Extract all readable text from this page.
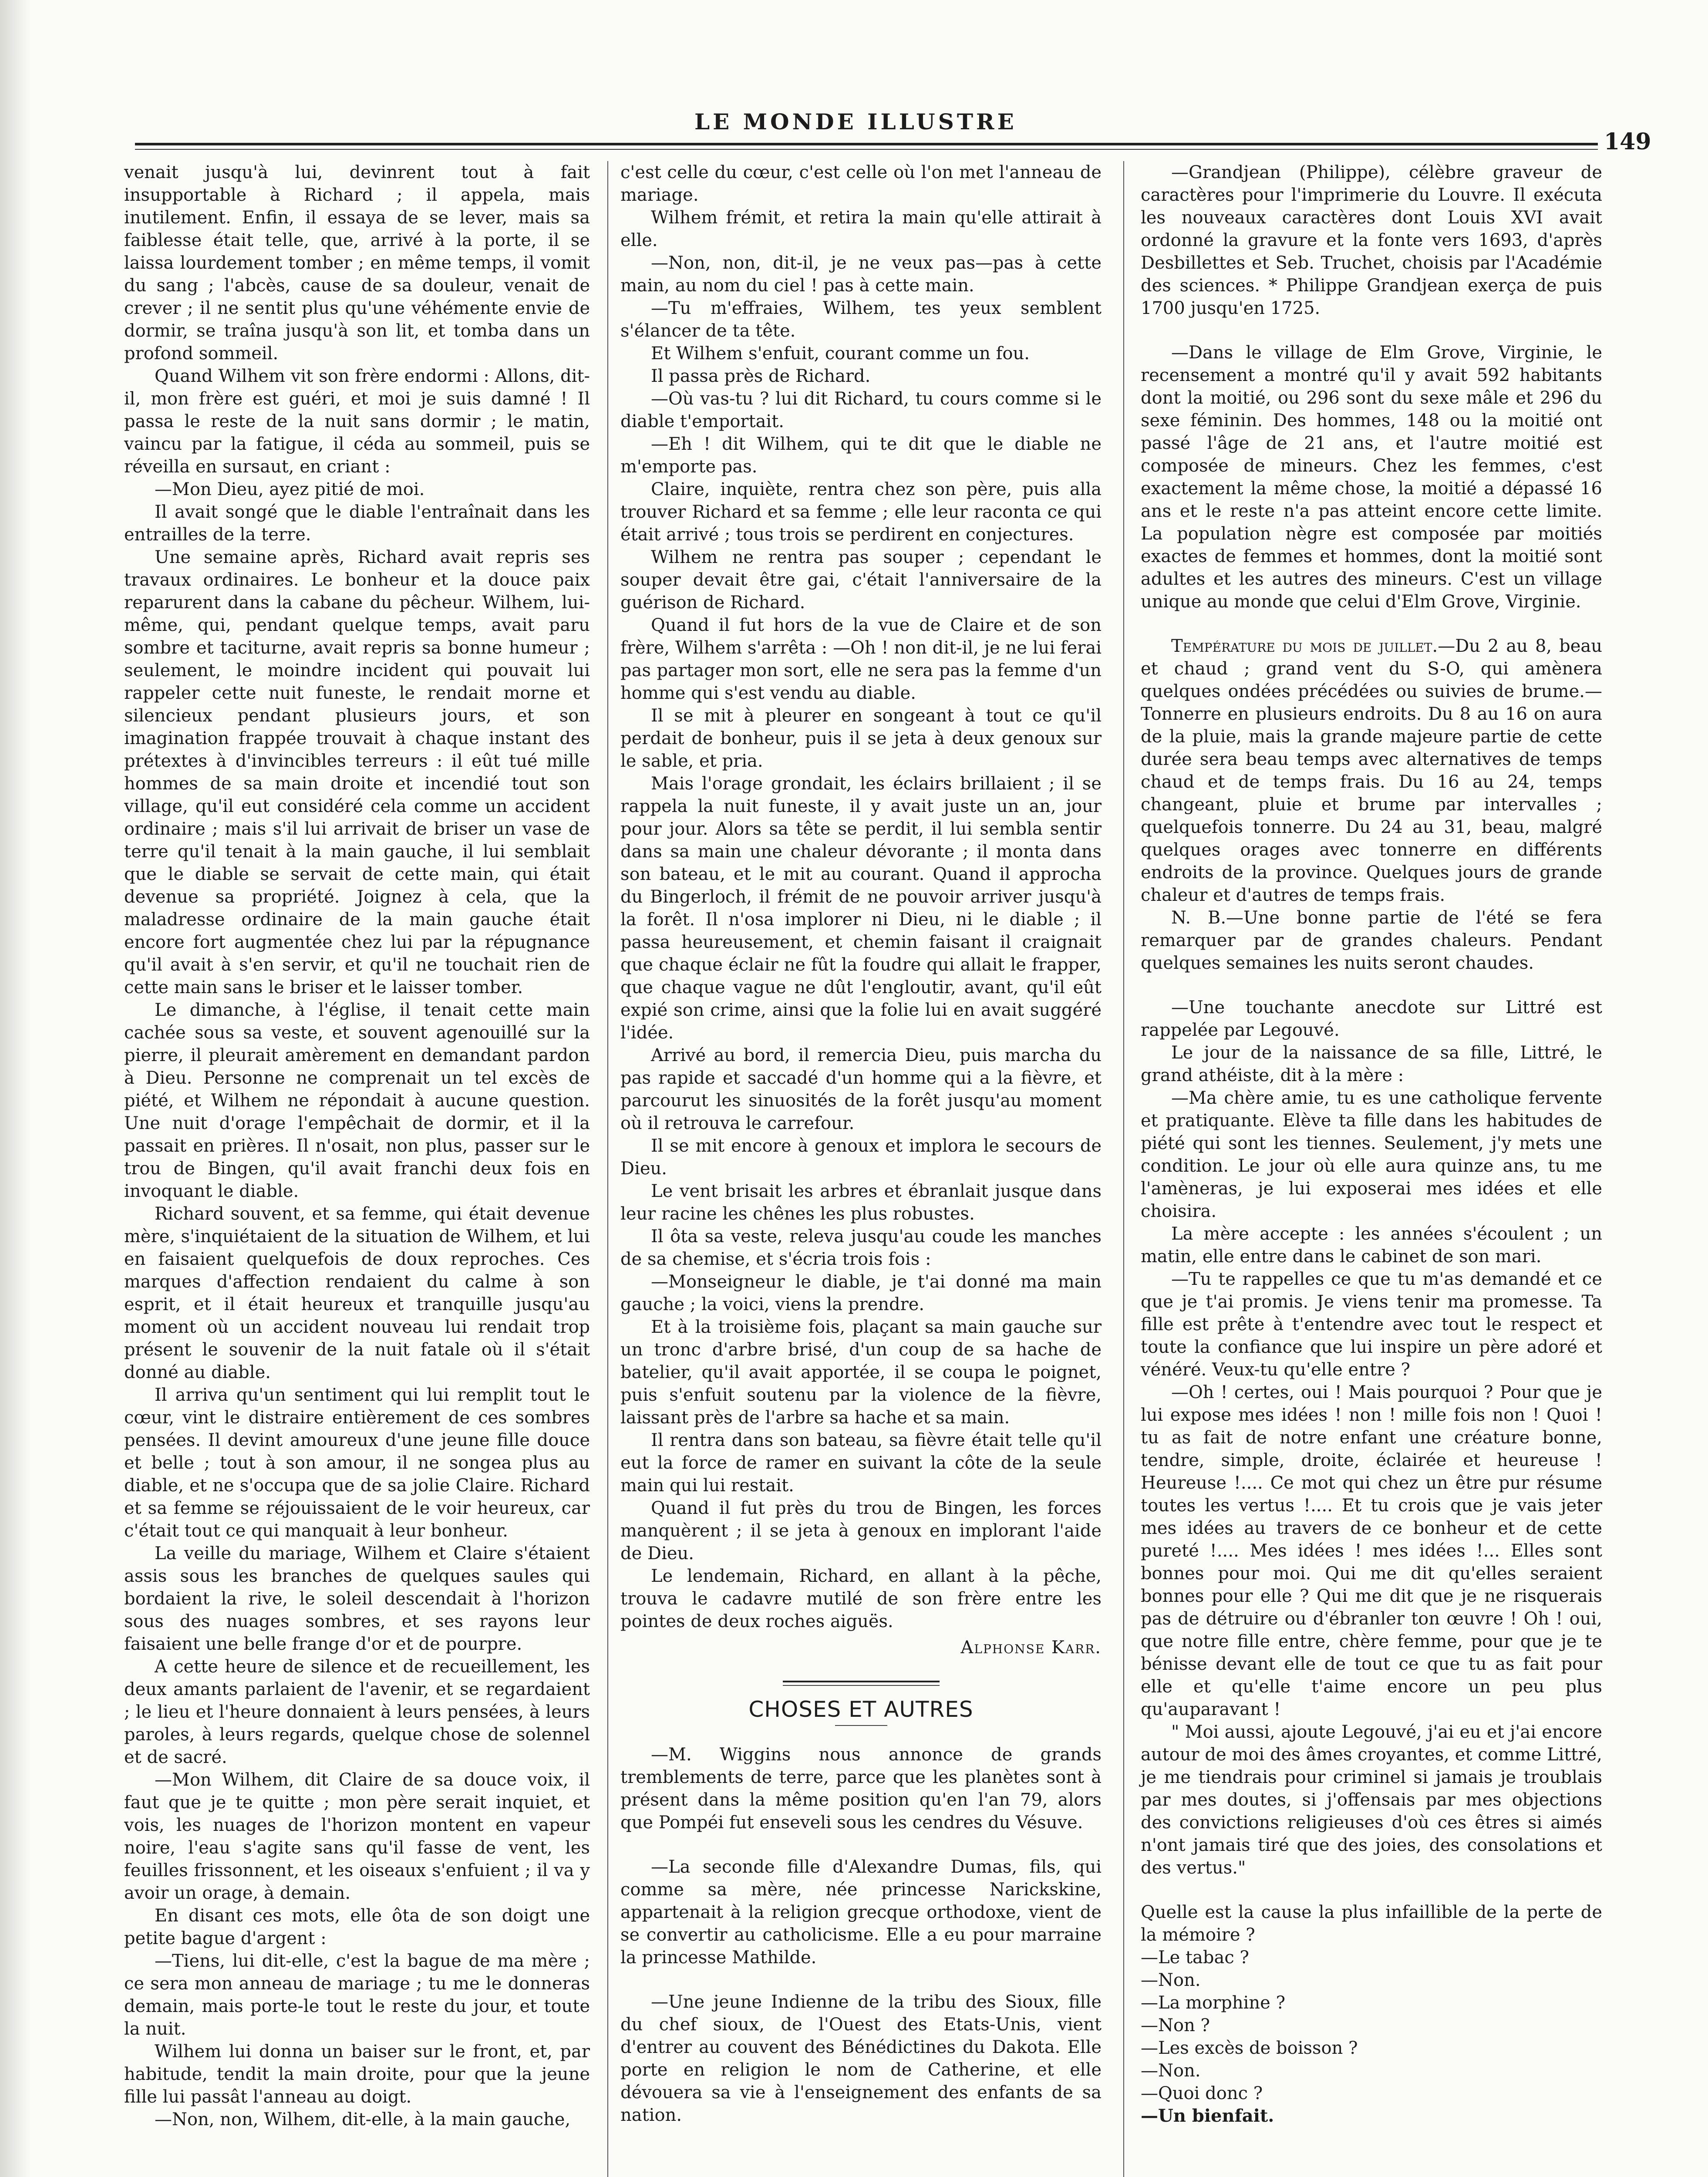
LE MONDE ILLUSTRE
149

venait jusqu'à lui, devinrent tout à fait insupportable à Richard ; il appela, mais inutilement. Enfin, il essaya de se lever, mais sa faiblesse était telle, que, arrivé à la porte, il se laissa lourdement tomber ; en même temps, il vomit du sang ; l'abcès, cause de sa douleur, venait de crever ; il ne sentit plus qu'une véhémente envie de dormir, se traîna jusqu'à son lit, et tomba dans un profond sommeil.

Quand Wilhem vit son frère endormi : Allons, dit-il, mon frère est guéri, et moi je suis damné ! Il passa le reste de la nuit sans dormir ; le matin, vaincu par la fatigue, il céda au sommeil, puis se réveilla en sursaut, en criant :

—Mon Dieu, ayez pitié de moi.

Il avait songé que le diable l'entraînait dans les entrailles de la terre.

Une semaine après, Richard avait repris ses travaux ordinaires. Le bonheur et la douce paix reparurent dans la cabane du pêcheur. Wilhem, lui-même, qui, pendant quelque temps, avait paru sombre et taciturne, avait repris sa bonne humeur ; seulement, le moindre incident qui pouvait lui rappeler cette nuit funeste, le rendait morne et silencieux pendant plusieurs jours, et son imagination frappée trouvait à chaque instant des prétextes à d'invincibles terreurs : il eût tué mille hommes de sa main droite et incendié tout son village, qu'il eut considéré cela comme un accident ordinaire ; mais s'il lui arrivait de briser un vase de terre qu'il tenait à la main gauche, il lui semblait que le diable se servait de cette main, qui était devenue sa propriété. Joignez à cela, que la maladresse ordinaire de la main gauche était encore fort augmentée chez lui par la répugnance qu'il avait à s'en servir, et qu'il ne touchait rien de cette main sans le briser et le laisser tomber.

Le dimanche, à l'église, il tenait cette main cachée sous sa veste, et souvent agenouillé sur la pierre, il pleurait amèrement en demandant pardon à Dieu. Personne ne comprenait un tel excès de piété, et Wilhem ne répondait à aucune question. Une nuit d'orage l'empêchait de dormir, et il la passait en prières. Il n'osait, non plus, passer sur le trou de Bingen, qu'il avait franchi deux fois en invoquant le diable.

Richard souvent, et sa femme, qui était devenue mère, s'inquiétaient de la situation de Wilhem, et lui en faisaient quelquefois de doux reproches. Ces marques d'affection rendaient du calme à son esprit, et il était heureux et tranquille jusqu'au moment où un accident nouveau lui rendait trop présent le souvenir de la nuit fatale où il s'était donné au diable.

Il arriva qu'un sentiment qui lui remplit tout le cœur, vint le distraire entièrement de ces sombres pensées. Il devint amoureux d'une jeune fille douce et belle ; tout à son amour, il ne songea plus au diable, et ne s'occupa que de sa jolie Claire. Richard et sa femme se réjouissaient de le voir heureux, car c'était tout ce qui manquait à leur bonheur.

La veille du mariage, Wilhem et Claire s'étaient assis sous les branches de quelques saules qui bordaient la rive, le soleil descendait à l'horizon sous des nuages sombres, et ses rayons leur faisaient une belle frange d'or et de pourpre.

A cette heure de silence et de recueillement, les deux amants parlaient de l'avenir, et se regardaient ; le lieu et l'heure donnaient à leurs pensées, à leurs paroles, à leurs regards, quelque chose de solennel et de sacré.

—Mon Wilhem, dit Claire de sa douce voix, il faut que je te quitte ; mon père serait inquiet, et vois, les nuages de l'horizon montent en vapeur noire, l'eau s'agite sans qu'il fasse de vent, les feuilles frissonnent, et les oiseaux s'enfuient ; il va y avoir un orage, à demain.

En disant ces mots, elle ôta de son doigt une petite bague d'argent :

—Tiens, lui dit-elle, c'est la bague de ma mère ; ce sera mon anneau de mariage ; tu me le donneras demain, mais porte-le tout le reste du jour, et toute la nuit.

Wilhem lui donna un baiser sur le front, et, par habitude, tendit la main droite, pour que la jeune fille lui passât l'anneau au doigt.

—Non, non, Wilhem, dit-elle, à la main gauche,

c'est celle du cœur, c'est celle où l'on met l'anneau de mariage.

Wilhem frémit, et retira la main qu'elle attirait à elle.

—Non, non, dit-il, je ne veux pas—pas à cette main, au nom du ciel ! pas à cette main.

—Tu m'effraies, Wilhem, tes yeux semblent s'élancer de ta tête.

Et Wilhem s'enfuit, courant comme un fou.

Il passa près de Richard.

—Où vas-tu ? lui dit Richard, tu cours comme si le diable t'emportait.

—Eh ! dit Wilhem, qui te dit que le diable ne m'emporte pas.

Claire, inquiète, rentra chez son père, puis alla trouver Richard et sa femme ; elle leur raconta ce qui était arrivé ; tous trois se perdirent en conjectures.

Wilhem ne rentra pas souper ; cependant le souper devait être gai, c'était l'anniversaire de la guérison de Richard.

Quand il fut hors de la vue de Claire et de son frère, Wilhem s'arrêta : —Oh ! non dit-il, je ne lui ferai pas partager mon sort, elle ne sera pas la femme d'un homme qui s'est vendu au diable.

Il se mit à pleurer en songeant à tout ce qu'il perdait de bonheur, puis il se jeta à deux genoux sur le sable, et pria.

Mais l'orage grondait, les éclairs brillaient ; il se rappela la nuit funeste, il y avait juste un an, jour pour jour. Alors sa tête se perdit, il lui sembla sentir dans sa main une chaleur dévorante ; il monta dans son bateau, et le mit au courant. Quand il approcha du Bingerloch, il frémit de ne pouvoir arriver jusqu'à la forêt. Il n'osa implorer ni Dieu, ni le diable ; il passa heureusement, et chemin faisant il craignait que chaque éclair ne fût la foudre qui allait le frapper, que chaque vague ne dût l'engloutir, avant, qu'il eût expié son crime, ainsi que la folie lui en avait suggéré l'idée.

Arrivé au bord, il remercia Dieu, puis marcha du pas rapide et saccadé d'un homme qui a la fièvre, et parcourut les sinuosités de la forêt jusqu'au moment où il retrouva le carrefour.

Il se mit encore à genoux et implora le secours de Dieu.

Le vent brisait les arbres et ébranlait jusque dans leur racine les chênes les plus robustes.

Il ôta sa veste, releva jusqu'au coude les manches de sa chemise, et s'écria trois fois :

—Monseigneur le diable, je t'ai donné ma main gauche ; la voici, viens la prendre.

Et à la troisième fois, plaçant sa main gauche sur un tronc d'arbre brisé, d'un coup de sa hache de batelier, qu'il avait apportée, il se coupa le poignet, puis s'enfuit soutenu par la violence de la fièvre, laissant près de l'arbre sa hache et sa main.

Il rentra dans son bateau, sa fièvre était telle qu'il eut la force de ramer en suivant la côte de la seule main qui lui restait.

Quand il fut près du trou de Bingen, les forces manquèrent ; il se jeta à genoux en implorant l'aide de Dieu.

Le lendemain, Richard, en allant à la pêche, trouva le cadavre mutilé de son frère entre les pointes de deux roches aiguës.

Alphonse Karr.

CHOSES ET AUTRES

—M. Wiggins nous annonce de grands tremblements de terre, parce que les planètes sont à présent dans la même position qu'en l'an 79, alors que Pompéi fut enseveli sous les cendres du Vésuve.

—La seconde fille d'Alexandre Dumas, fils, qui comme sa mère, née princesse Narickskine, appartenait à la religion grecque orthodoxe, vient de se convertir au catholicisme. Elle a eu pour marraine la princesse Mathilde.

—Une jeune Indienne de la tribu des Sioux, fille du chef sioux, de l'Ouest des Etats-Unis, vient d'entrer au couvent des Bénédictines du Dakota. Elle porte en religion le nom de Catherine, et elle dévouera sa vie à l'enseignement des enfants de sa nation.

—Grandjean (Philippe), célèbre graveur de caractères pour l'imprimerie du Louvre. Il exécuta les nouveaux caractères dont Louis XVI avait ordonné la gravure et la fonte vers 1693, d'après Desbillettes et Seb. Truchet, choisis par l'Académie des sciences. * Philippe Grandjean exerça de puis 1700 jusqu'en 1725.

—Dans le village de Elm Grove, Virginie, le recensement a montré qu'il y avait 592 habitants dont la moitié, ou 296 sont du sexe mâle et 296 du sexe féminin. Des hommes, 148 ou la moitié ont passé l'âge de 21 ans, et l'autre moitié est composée de mineurs. Chez les femmes, c'est exactement la même chose, la moitié a dépassé 16 ans et le reste n'a pas atteint encore cette limite. La population nègre est composée par moitiés exactes de femmes et hommes, dont la moitié sont adultes et les autres des mineurs. C'est un village unique au monde que celui d'Elm Grove, Virginie.

Température du mois de juillet.—Du 2 au 8, beau et chaud ; grand vent du S-O, qui amènera quelques ondées précédées ou suivies de brume.—Tonnerre en plusieurs endroits. Du 8 au 16 on aura de la pluie, mais la grande majeure partie de cette durée sera beau temps avec alternatives de temps chaud et de temps frais. Du 16 au 24, temps changeant, pluie et brume par intervalles ; quelquefois tonnerre. Du 24 au 31, beau, malgré quelques orages avec tonnerre en différents endroits de la province. Quelques jours de grande chaleur et d'autres de temps frais.

N. B.—Une bonne partie de l'été se fera remarquer par de grandes chaleurs. Pendant quelques semaines les nuits seront chaudes.

—Une touchante anecdote sur Littré est rappelée par Legouvé.

Le jour de la naissance de sa fille, Littré, le grand athéiste, dit à la mère :

—Ma chère amie, tu es une catholique fervente et pratiquante. Elève ta fille dans les habitudes de piété qui sont les tiennes. Seulement, j'y mets une condition. Le jour où elle aura quinze ans, tu me l'amèneras, je lui exposerai mes idées et elle choisira.

La mère accepte : les années s'écoulent ; un matin, elle entre dans le cabinet de son mari.

—Tu te rappelles ce que tu m'as demandé et ce que je t'ai promis. Je viens tenir ma promesse. Ta fille est prête à t'entendre avec tout le respect et toute la confiance que lui inspire un père adoré et vénéré. Veux-tu qu'elle entre ?

—Oh ! certes, oui ! Mais pourquoi ? Pour que je lui expose mes idées ! non ! mille fois non ! Quoi ! tu as fait de notre enfant une créature bonne, tendre, simple, droite, éclairée et heureuse ! Heureuse !.... Ce mot qui chez un être pur résume toutes les vertus !.... Et tu crois que je vais jeter mes idées au travers de ce bonheur et de cette pureté !.... Mes idées ! mes idées !... Elles sont bonnes pour moi. Qui me dit qu'elles seraient bonnes pour elle ? Qui me dit que je ne risquerais pas de détruire ou d'ébranler ton œuvre ! Oh ! oui, que notre fille entre, chère femme, pour que je te bénisse devant elle de tout ce que tu as fait pour elle et qu'elle t'aime encore un peu plus qu'auparavant !

" Moi aussi, ajoute Legouvé, j'ai eu et j'ai encore autour de moi des âmes croyantes, et comme Littré, je me tiendrais pour criminel si jamais je troublais par mes doutes, si j'offensais par mes objections des convictions religieuses d'où ces êtres si aimés n'ont jamais tiré que des joies, des consolations et des vertus."

Quelle est la cause la plus infaillible de la perte de la mémoire ?

—Le tabac ?

—Non.

—La morphine ?

—Non ?

—Les excès de boisson ?

—Non.

—Quoi donc ?

—Un bienfait.
